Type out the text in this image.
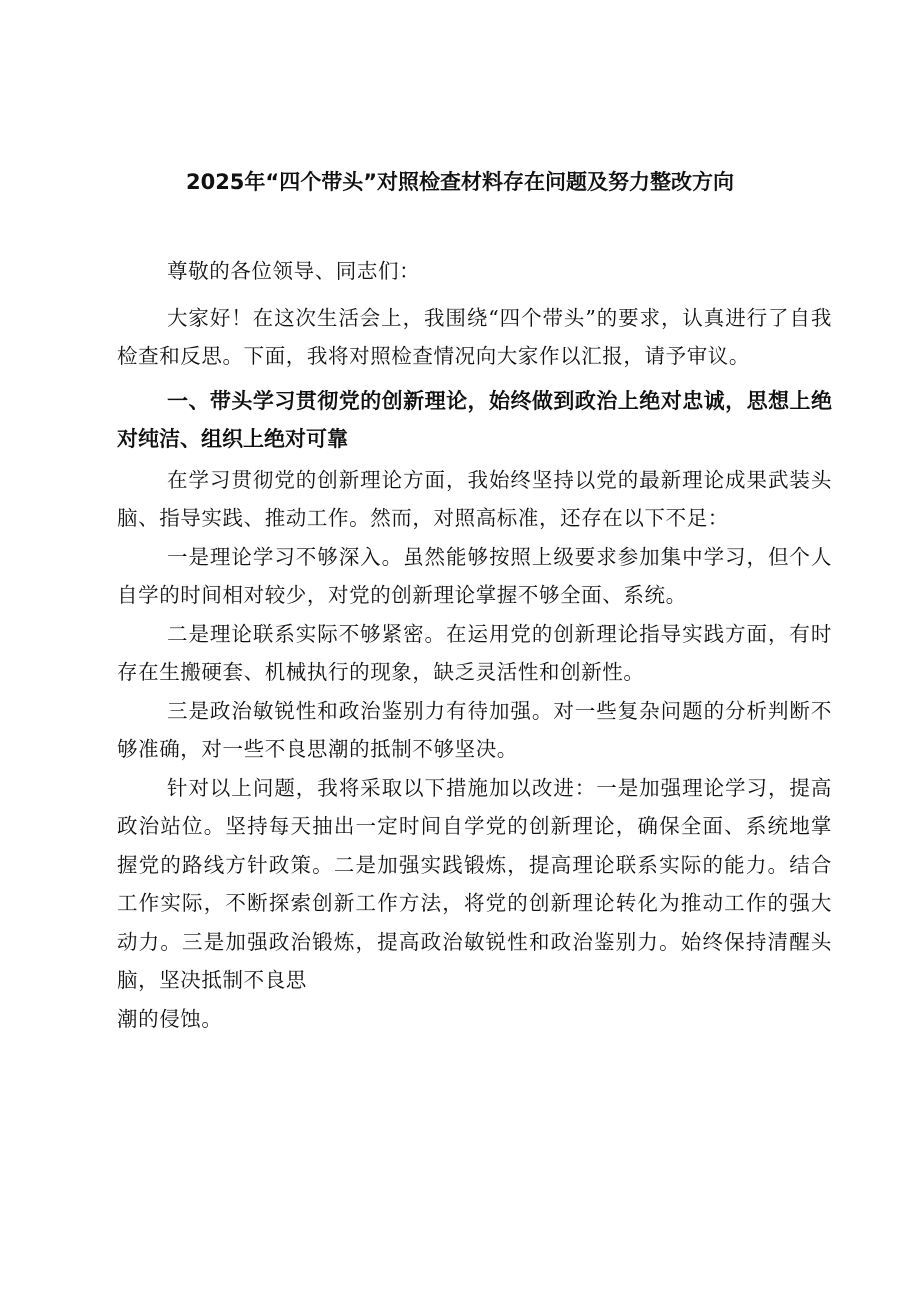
2025年“四个带头”对照检查材料存在问题及努力整改方向

尊敬的各位领导、同志们：

大家好！在这次生活会上，我围绕“四个带头”的要求，认真进行了自我检查和反思。下面，我将对照检查情况向大家作以汇报，请予审议。

一、带头学习贯彻党的创新理论，始终做到政治上绝对忠诚，思想上绝对纯洁、组织上绝对可靠

在学习贯彻党的创新理论方面，我始终坚持以党的最新理论成果武装头脑、指导实践、推动工作。然而，对照高标准，还存在以下不足：

一是理论学习不够深入。虽然能够按照上级要求参加集中学习，但个人自学的时间相对较少，对党的创新理论掌握不够全面、系统。

二是理论联系实际不够紧密。在运用党的创新理论指导实践方面，有时存在生搬硬套、机械执行的现象，缺乏灵活性和创新性。

三是政治敏锐性和政治鉴别力有待加强。对一些复杂问题的分析判断不够准确，对一些不良思潮的抵制不够坚决。

针对以上问题，我将采取以下措施加以改进：一是加强理论学习，提高政治站位。坚持每天抽出一定时间自学党的创新理论，确保全面、系统地掌握党的路线方针政策。二是加强实践锻炼，提高理论联系实际的能力。结合工作实际，不断探索创新工作方法，将党的创新理论转化为推动工作的强大动力。三是加强政治锻炼，提高政治敏锐性和政治鉴别力。始终保持清醒头脑，坚决抵制不良思
潮的侵蚀。
